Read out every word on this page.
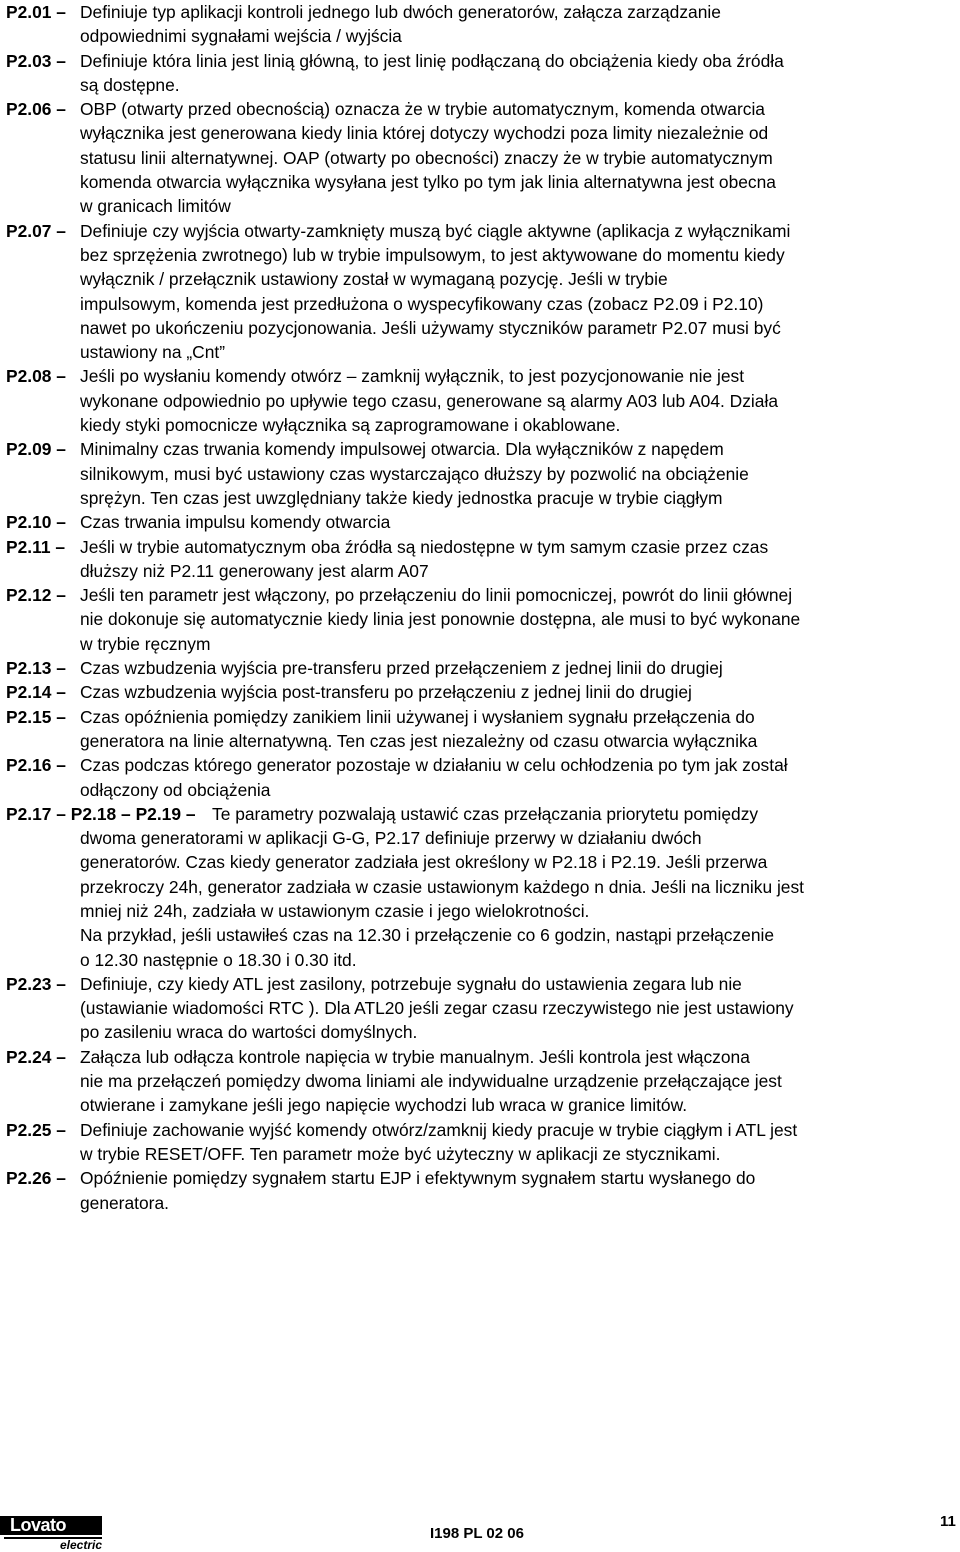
P2.01 – Definiuje typ aplikacji kontroli jednego lub dwóch generatorów, załącza zarządzanie
odpowiednimi sygnałami wejścia / wyjścia
P2.03 – Definiuje która linia jest linią główną, to jest linię podłączaną do obciążenia kiedy oba źródła
są dostępne.
P2.06 – OBP (otwarty przed obecnością) oznacza że w trybie automatycznym, komenda otwarcia
wyłącznika jest generowana kiedy linia której dotyczy wychodzi poza limity niezależnie od
statusu linii alternatywnej. OAP (otwarty po obecności) znaczy że w trybie automatycznym
komenda otwarcia wyłącznika wysyłana jest tylko po tym jak linia alternatywna jest obecna
w granicach limitów
P2.07 – Definiuje czy wyjścia otwarty-zamknięty muszą być ciągle aktywne (aplikacja z wyłącznikami
bez sprzężenia zwrotnego) lub w trybie impulsowym, to jest aktywowane do momentu kiedy
wyłącznik / przełącznik ustawiony został w wymaganą pozycję. Jeśli w trybie
impulsowym, komenda jest przedłużona o wyspecyfikowany czas (zobacz P2.09 i P2.10)
nawet po ukończeniu pozycjonowania. Jeśli używamy styczników parametr P2.07 musi być
ustawiony na „Cnt”
P2.08 – Jeśli po wysłaniu komendy otwórz – zamknij wyłącznik, to jest pozycjonowanie nie jest
wykonane odpowiednio po upływie tego czasu, generowane są alarmy A03 lub A04. Działa
kiedy styki pomocnicze wyłącznika są zaprogramowane i okablowane.
P2.09 – Minimalny czas trwania komendy impulsowej otwarcia. Dla wyłączników z napędem
silnikowym, musi być ustawiony czas wystarczająco dłuższy by pozwolić na obciążenie
sprężyn. Ten czas jest uwzględniany także kiedy jednostka pracuje w trybie ciągłym
P2.10 – Czas trwania impulsu komendy otwarcia
P2.11 – Jeśli w trybie automatycznym oba źródła są niedostępne w tym samym czasie przez czas
dłuższy niż P2.11 generowany jest alarm A07
P2.12 – Jeśli ten parametr jest włączony, po przełączeniu do linii pomocniczej, powrót do linii głównej
nie dokonuje się automatycznie kiedy linia jest ponownie dostępna, ale musi to być wykonane
w trybie ręcznym
P2.13 – Czas wzbudzenia wyjścia pre-transferu przed przełączeniem z jednej linii do drugiej
P2.14 – Czas wzbudzenia wyjścia post-transferu po przełączeniu z jednej linii do drugiej
P2.15 – Czas opóźnienia pomiędzy zanikiem linii używanej i wysłaniem sygnału przełączenia do
generatora na linie alternatywną. Ten czas jest niezależny od czasu otwarcia wyłącznika
P2.16 – Czas podczas którego generator pozostaje w działaniu w celu ochłodzenia po tym jak został
odłączony od obciążenia
P2.17 – P2.18 – P2.19 – Te parametry pozwalają ustawić czas przełączania priorytetu pomiędzy
dwoma generatorami w aplikacji G-G, P2.17 definiuje przerwy w działaniu dwóch
generatorów. Czas kiedy generator zadziała jest określony w P2.18 i P2.19. Jeśli przerwa
przekroczy 24h, generator zadziała w czasie ustawionym każdego n dnia. Jeśli na liczniku jest
mniej niż 24h, zadziała w ustawionym czasie i jego wielokrotności.
Na przykład, jeśli ustawiłeś czas na 12.30 i przełączenie co 6 godzin, nastąpi przełączenie
o 12.30 następnie o 18.30 i 0.30 itd.
P2.23 – Definiuje, czy kiedy ATL jest zasilony, potrzebuje sygnału do ustawienia zegara lub nie
(ustawianie wiadomości RTC ). Dla ATL20 jeśli zegar czasu rzeczywistego nie jest ustawiony
po zasileniu wraca do wartości domyślnych.
P2.24 – Załącza lub odłącza kontrole napięcia w trybie manualnym. Jeśli kontrola jest włączona
nie ma przełączeń pomiędzy dwoma liniami ale indywidualne urządzenie przełączające jest
otwierane i zamykane jeśli jego napięcie wychodzi lub wraca w granice limitów.
P2.25 – Definiuje zachowanie wyjść komendy otwórz/zamknij kiedy pracuje w trybie ciągłym i ATL jest
w trybie RESET/OFF. Ten parametr może być użyteczny w aplikacji ze stycznikami.
P2.26 – Opóźnienie pomiędzy sygnałem startu EJP i efektywnym sygnałem startu wysłanego do
generatora.
Lovato
electric
I198 PL 02 06
11
